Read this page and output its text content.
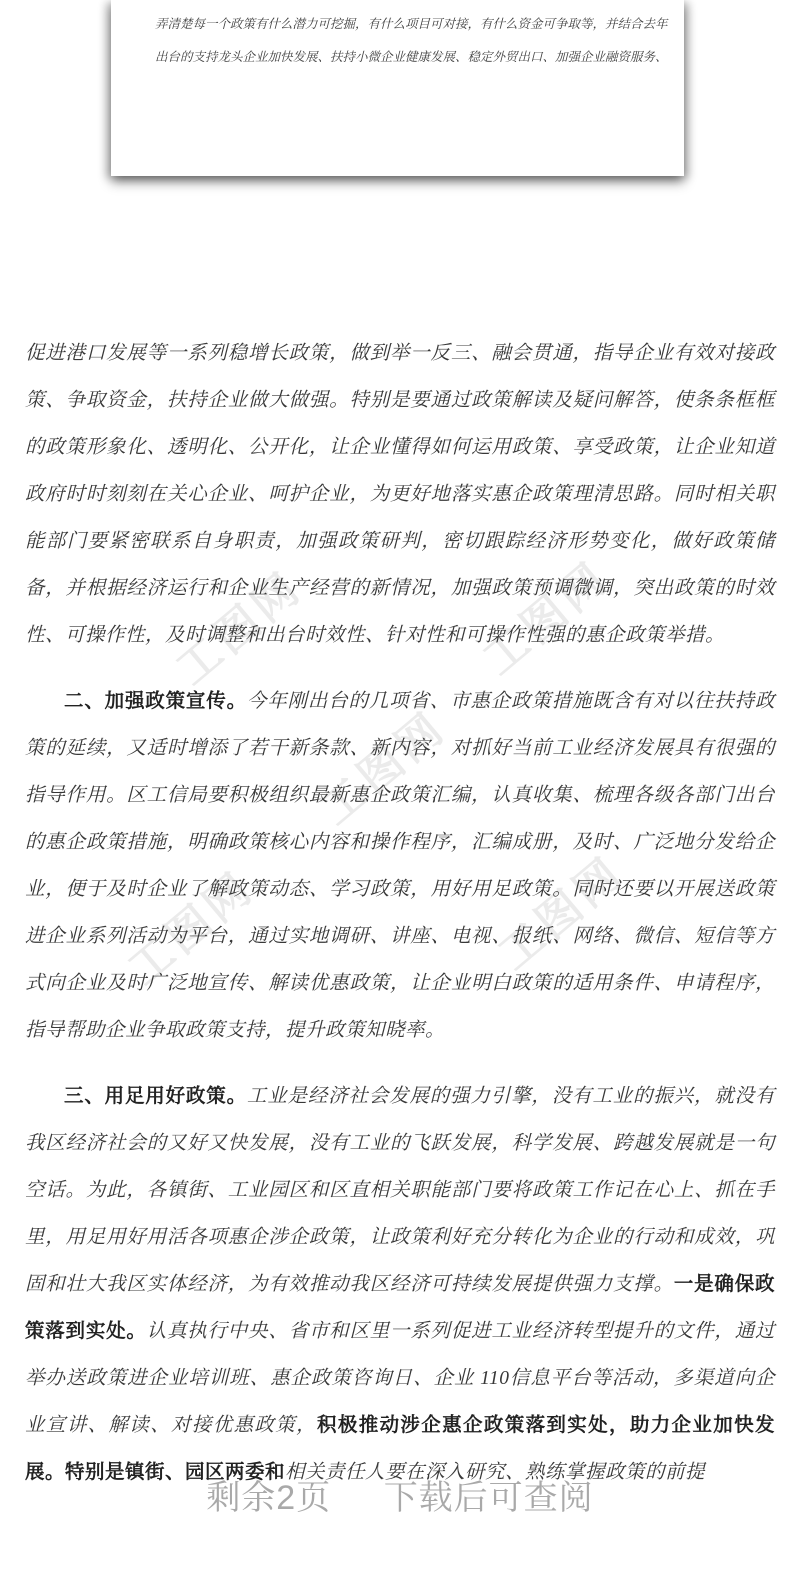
弄清楚每一个政策有什么潜力可挖掘，有什么项目可对接，有什么资金可争取等，并结合去年
出台的支持龙头企业加快发展、扶持小微企业健康发展、稳定外贸出口、加强企业融资服务、
工图网	工图网
工图网
工图网	工图网

促进港口发展等一系列稳增长政策，做到举一反三、融会贯通，指导企业有效对接政策、争取资金，扶持企业做大做强。特别是要通过政策解读及疑问解答，使条条框框的政策形象化、透明化、公开化，让企业懂得如何运用政策、享受政策，让企业知道政府时时刻刻在关心企业、呵护企业，为更好地落实惠企政策理清思路。同时相关职能部门要紧密联系自身职责，加强政策研判，密切跟踪经济形势变化，做好政策储备，并根据经济运行和企业生产经营的新情况，加强政策预调微调，突出政策的时效性、可操作性，及时调整和出台时效性、针对性和可操作性强的惠企政策举措。

二、加强政策宣传。今年刚出台的几项省、市惠企政策措施既含有对以往扶持政策的延续，又适时增添了若干新条款、新内容，对抓好当前工业经济发展具有很强的指导作用。区工信局要积极组织最新惠企政策汇编，认真收集、梳理各级各部门出台的惠企政策措施，明确政策核心内容和操作程序，汇编成册，及时、广泛地分发给企业，便于及时企业了解政策动态、学习政策，用好用足政策。同时还要以开展送政策进企业系列活动为平台，通过实地调研、讲座、电视、报纸、网络、微信、短信等方式向企业及时广泛地宣传、解读优惠政策，让企业明白政策的适用条件、申请程序，指导帮助企业争取政策支持，提升政策知晓率。

三、用足用好政策。工业是经济社会发展的强力引擎，没有工业的振兴，就没有我区经济社会的又好又快发展，没有工业的飞跃发展，科学发展、跨越发展就是一句空话。为此，各镇街、工业园区和区直相关职能部门要将政策工作记在心上、抓在手里，用足用好用活各项惠企涉企政策，让政策利好充分转化为企业的行动和成效，巩固和壮大我区实体经济，为有效推动我区经济可持续发展提供强力支撑。一是确保政策落到实处。认真执行中央、省市和区里一系列促进工业经济转型提升的文件，通过举办送政策进企业培训班、惠企政策咨询日、企业 110信息平台等活动，多渠道向企业宣讲、解读、对接优惠政策，积极推动涉企惠企政策落到实处，助力企业加快发展。特别是镇街、园区两委和相关责任人要在深入研究、熟练掌握政策的前提

剩余2页 下载后可查阅
